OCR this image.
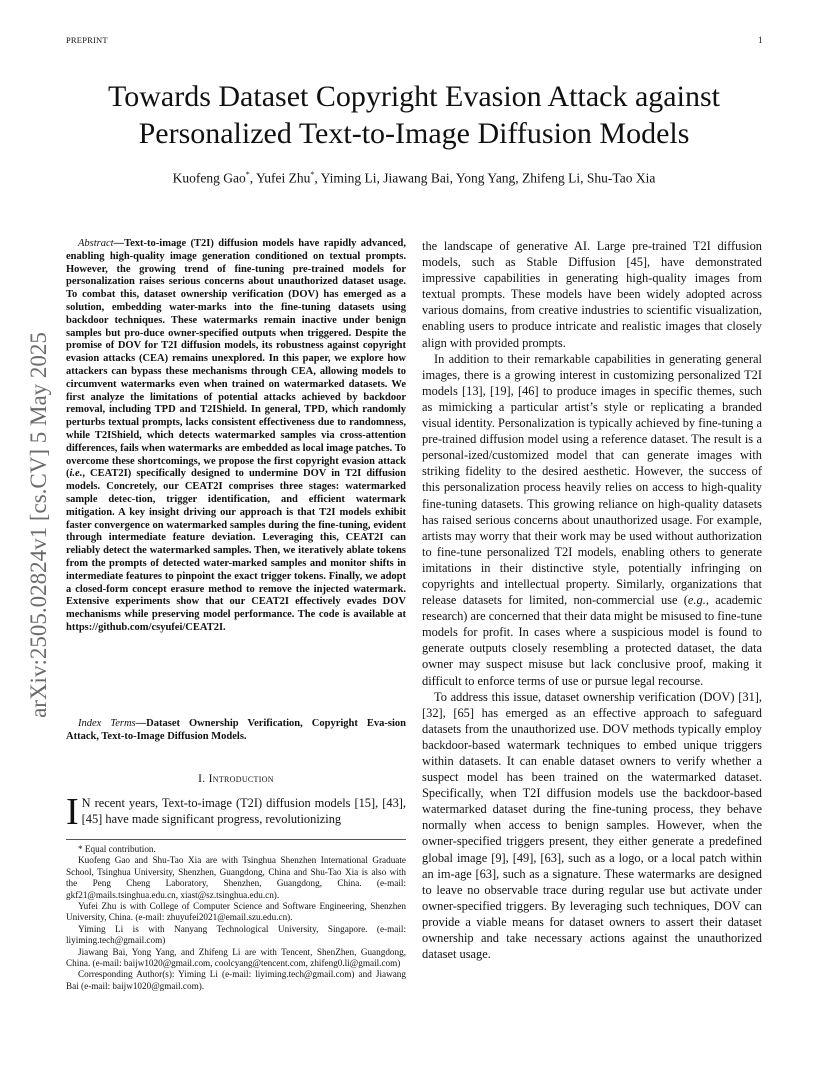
PREPRINT	1
arXiv:2505.02824v1 [cs.CV] 5 May 2025
Towards Dataset Copyright Evasion Attack against Personalized Text-to-Image Diffusion Models
Kuofeng Gao*, Yufei Zhu*, Yiming Li, Jiawang Bai, Yong Yang, Zhifeng Li, Shu-Tao Xia
Abstract—Text-to-image (T2I) diffusion models have rapidly advanced, enabling high-quality image generation conditioned on textual prompts. However, the growing trend of fine-tuning pre-trained models for personalization raises serious concerns about unauthorized dataset usage. To combat this, dataset ownership verification (DOV) has emerged as a solution, embedding water-marks into the fine-tuning datasets using backdoor techniques. These watermarks remain inactive under benign samples but pro-duce owner-specified outputs when triggered. Despite the promise of DOV for T2I diffusion models, its robustness against copyright evasion attacks (CEA) remains unexplored. In this paper, we explore how attackers can bypass these mechanisms through CEA, allowing models to circumvent watermarks even when trained on watermarked datasets. We first analyze the limitations of potential attacks achieved by backdoor removal, including TPD and T2IShield. In general, TPD, which randomly perturbs textual prompts, lacks consistent effectiveness due to randomness, while T2IShield, which detects watermarked samples via cross-attention differences, fails when watermarks are embedded as local image patches. To overcome these shortcomings, we propose the first copyright evasion attack (i.e., CEAT2I) specifically designed to undermine DOV in T2I diffusion models. Concretely, our CEAT2I comprises three stages: watermarked sample detec-tion, trigger identification, and efficient watermark mitigation. A key insight driving our approach is that T2I models exhibit faster convergence on watermarked samples during the fine-tuning, evident through intermediate feature deviation. Leveraging this, CEAT2I can reliably detect the watermarked samples. Then, we iteratively ablate tokens from the prompts of detected water-marked samples and monitor shifts in intermediate features to pinpoint the exact trigger tokens. Finally, we adopt a closed-form concept erasure method to remove the injected watermark. Extensive experiments show that our CEAT2I effectively evades DOV mechanisms while preserving model performance. The code is available at https://github.com/csyufei/CEAT2I.
Index Terms—Dataset Ownership Verification, Copyright Eva-sion Attack, Text-to-Image Diffusion Models.
I. Introduction
I N recent years, Text-to-image (T2I) diffusion models [15], [43], [45] have made significant progress, revolutionizing

* Equal contribution.

Kuofeng Gao and Shu-Tao Xia are with Tsinghua Shenzhen International Graduate School, Tsinghua University, Shenzhen, Guangdong, China and Shu-Tao Xia is also with the Peng Cheng Laboratory, Shenzhen, Guangdong, China. (e-mail: gkf21@mails.tsinghua.edu.cn, xiast@sz.tsinghua.edu.cn).

Yufei Zhu is with College of Computer Science and Software Engineering, Shenzhen University, China. (e-mail: zhuyufei2021@email.szu.edu.cn).

Yiming Li is with Nanyang Technological University, Singapore. (e-mail: liyiming.tech@gmail.com)

Jiawang Bai, Yong Yang, and Zhifeng Li are with Tencent, ShenZhen, Guangdong, China. (e-mail: baijw1020@gmail.com, coolcyang@tencent.com, zhifeng0.li@gmail.com)

Corresponding Author(s): Yiming Li (e-mail: liyiming.tech@gmail.com) and Jiawang Bai (e-mail: baijw1020@gmail.com).

the landscape of generative AI. Large pre-trained T2I diffusion models, such as Stable Diffusion [45], have demonstrated impressive capabilities in generating high-quality images from textual prompts. These models have been widely adopted across various domains, from creative industries to scientific visualization, enabling users to produce intricate and realistic images that closely align with provided prompts.

In addition to their remarkable capabilities in generating general images, there is a growing interest in customizing personalized T2I models [13], [19], [46] to produce images in specific themes, such as mimicking a particular artist’s style or replicating a branded visual identity. Personalization is typically achieved by fine-tuning a pre-trained diffusion model using a reference dataset. The result is a personal-ized/customized model that can generate images with striking fidelity to the desired aesthetic. However, the success of this personalization process heavily relies on access to high-quality fine-tuning datasets. This growing reliance on high-quality datasets has raised serious concerns about unauthorized usage. For example, artists may worry that their work may be used without authorization to fine-tune personalized T2I models, enabling others to generate imitations in their distinctive style, potentially infringing on copyrights and intellectual property. Similarly, organizations that release datasets for limited, non-commercial use (e.g., academic research) are concerned that their data might be misused to fine-tune models for profit. In cases where a suspicious model is found to generate outputs closely resembling a protected dataset, the data owner may suspect misuse but lack conclusive proof, making it difficult to enforce terms of use or pursue legal recourse.

To address this issue, dataset ownership verification (DOV) [31], [32], [65] has emerged as an effective approach to safeguard datasets from the unauthorized use. DOV methods typically employ backdoor-based watermark techniques to embed unique triggers within datasets. It can enable dataset owners to verify whether a suspect model has been trained on the watermarked dataset. Specifically, when T2I diffusion models use the backdoor-based watermarked dataset during the fine-tuning process, they behave normally when access to benign samples. However, when the owner-specified triggers present, they either generate a predefined global image [9], [49], [63], such as a logo, or a local patch within an im-age [63], such as a signature. These watermarks are designed to leave no observable trace during regular use but activate under owner-specified triggers. By leveraging such techniques, DOV can provide a viable means for dataset owners to assert their dataset ownership and take necessary actions against the unauthorized dataset usage.
